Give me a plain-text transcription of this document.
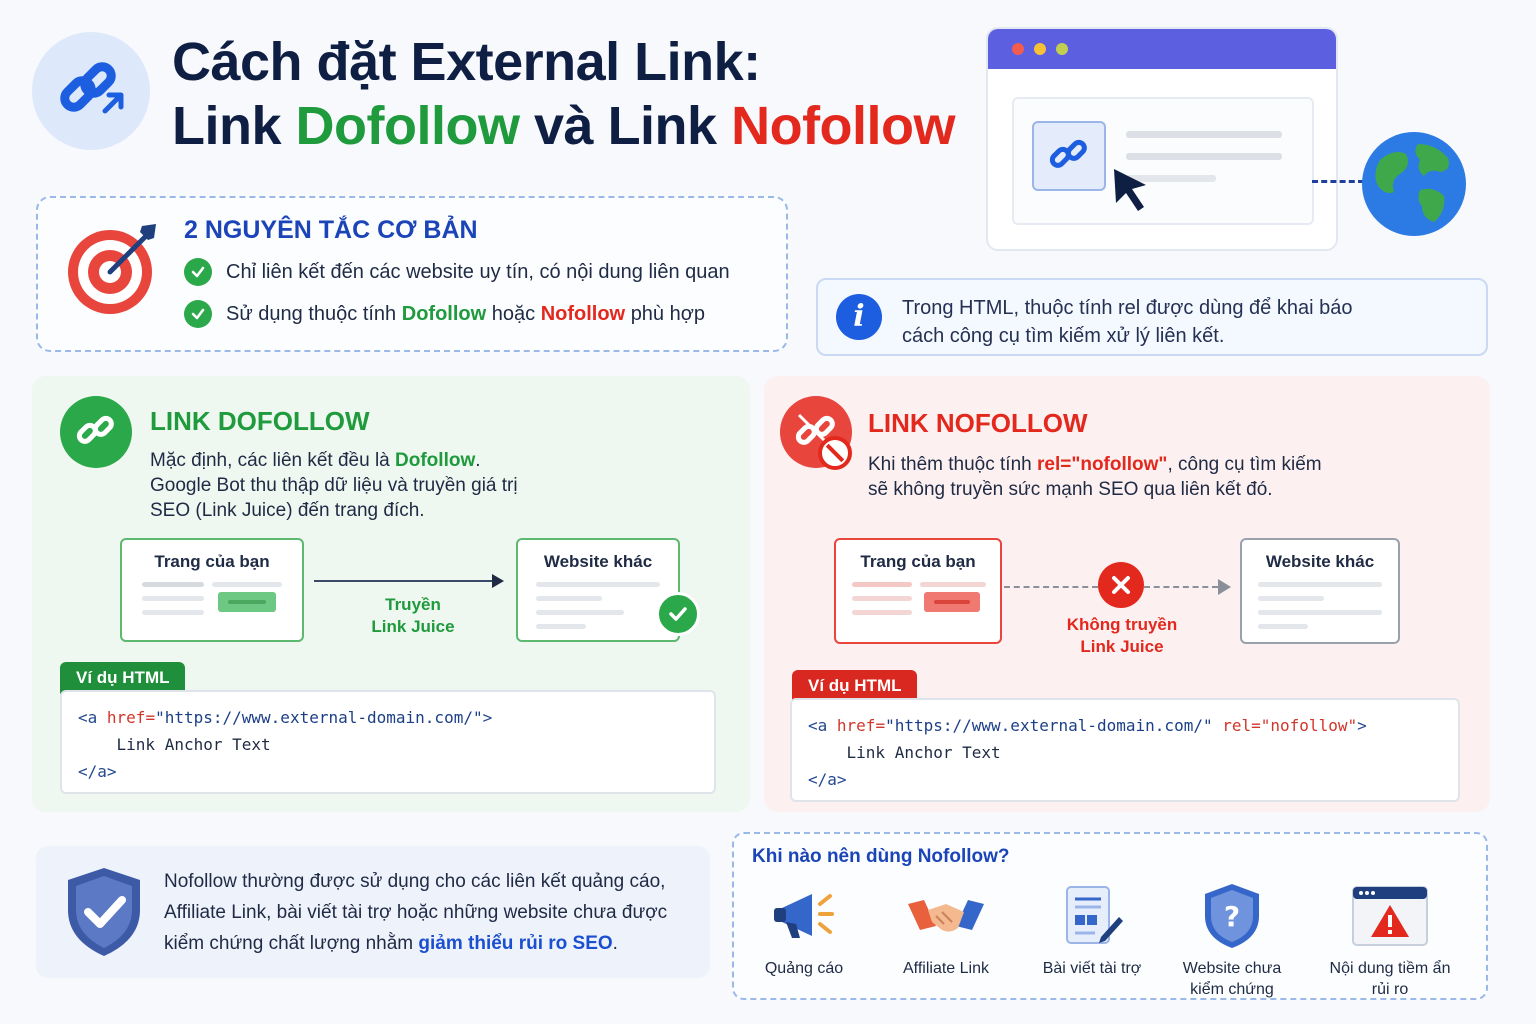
Cách đặt External Link:
Link Dofollow và Link Nofollow
2 NGUYÊN TẮC CƠ BẢN
Chỉ liên kết đến các website uy tín, có nội dung liên quan
Sử dụng thuộc tính Dofollow hoặc Nofollow phù hợp	i	Trong HTML, thuộc tính rel được dùng để khai báo
cách công cụ tìm kiếm xử lý liên kết.
LINK DOFOLLOW
Mặc định, các liên kết đều là Dofollow.
Google Bot thu thập dữ liệu và truyền giá trị
SEO (Link Juice) đến trang đích.
Trang của bạn
Truyền
Link Juice
Website khác
Ví dụ HTML
<a href="https://www.external-domain.com/">
Link Anchor Text
</a>
LINK NOFOLLOW
Khi thêm thuộc tính rel="nofollow", công cụ tìm kiếm
sẽ không truyền sức mạnh SEO qua liên kết đó.
Trang của bạn
Không truyền
Link Juice
Website khác
Ví dụ HTML
<a href="https://www.external-domain.com/" rel="nofollow">
Link Anchor Text
</a>
Nofollow thường được sử dụng cho các liên kết quảng cáo,
Affiliate Link, bài viết tài trợ hoặc những website chưa được
kiểm chứng chất lượng nhằm giảm thiểu rủi ro SEO.
Khi nào nên dùng Nofollow?
Quảng cáo	Affiliate Link	Bài viết tài trợ
?
Website chưa kiểm chứng
Nội dung tiềm ẩn rủi ro
